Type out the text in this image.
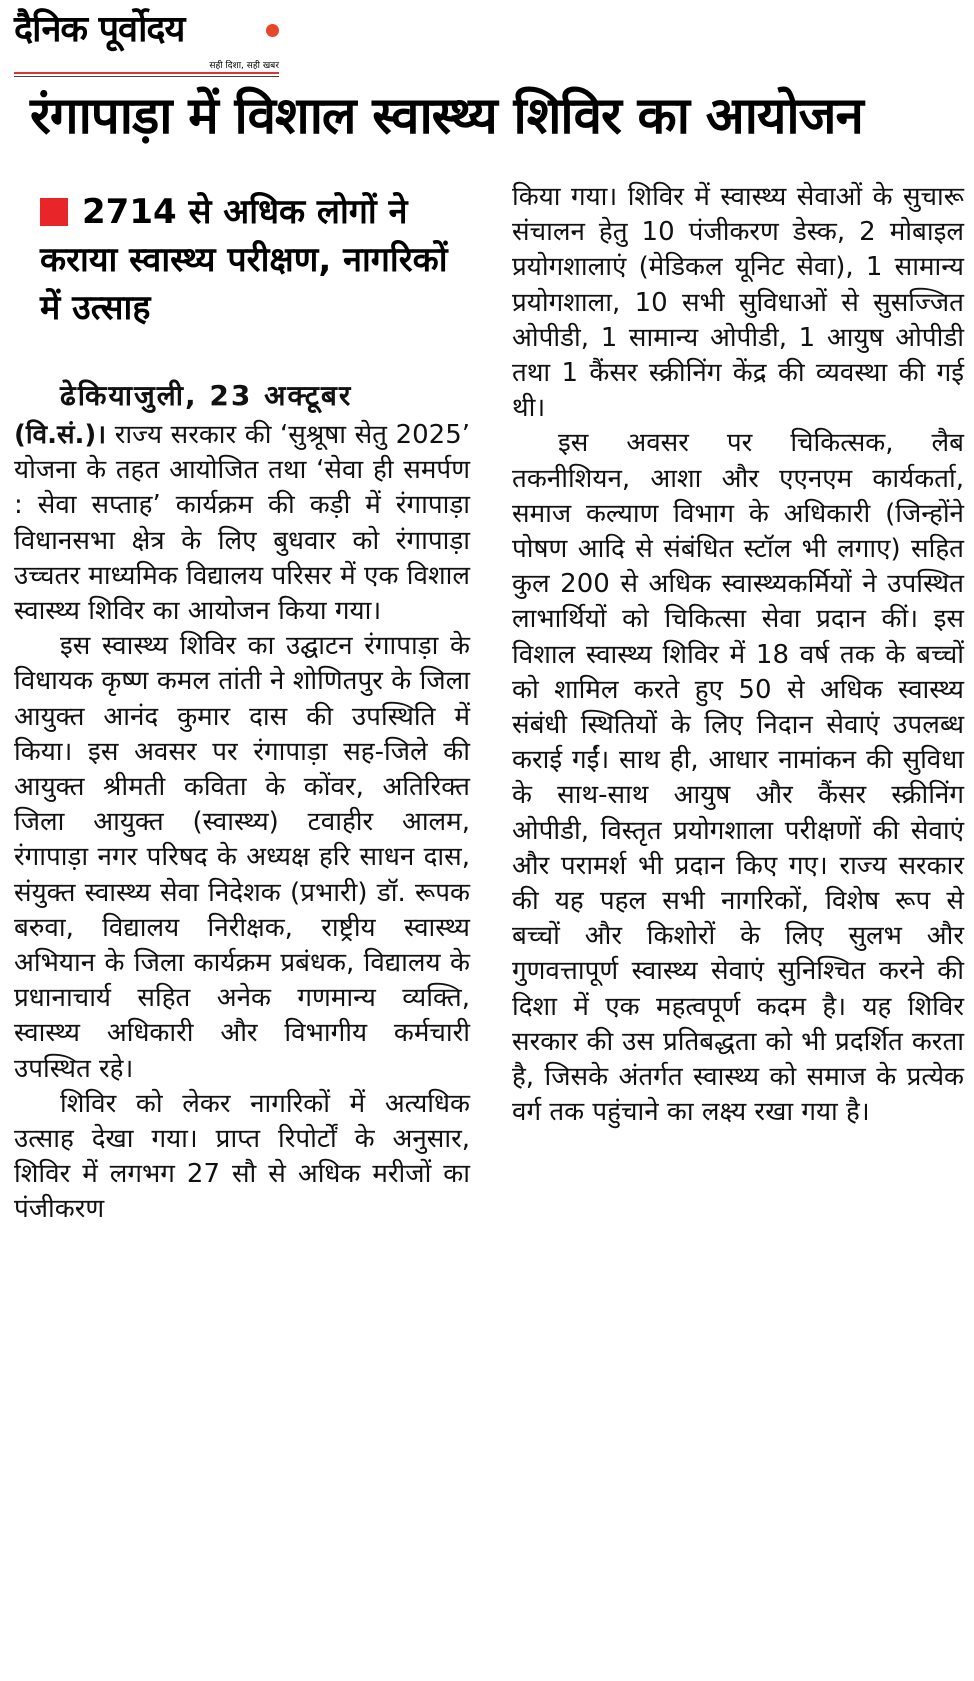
दैनिक पूर्वोदय
सही दिशा, सही खबर
रंगापाड़ा में विशाल स्वास्थ्य शिविर का आयोजन
2714 से अधिक लोगों ने कराया स्वास्थ्य परीक्षण, नागरिकों में उत्साह
ढेकियाजुली, 23 अक्टूबर

(वि.सं.)। राज्य सरकार की ‘सुश्रूषा सेतु 2025’ योजना के तहत आयोजित तथा ‘सेवा ही समर्पण : सेवा सप्ताह’ कार्यक्रम की कड़ी में रंगापाड़ा विधानसभा क्षेत्र के लिए बुधवार को रंगापाड़ा उच्चतर माध्यमिक विद्यालय परिसर में एक विशाल स्वास्थ्य शिविर का आयोजन किया गया।

इस स्वास्थ्य शिविर का उद्घाटन रंगापाड़ा के विधायक कृष्ण कमल तांती ने शोणितपुर के जिला आयुक्त आनंद कुमार दास की उपस्थिति में किया। इस अवसर पर रंगापाड़ा सह-जिले की आयुक्त श्रीमती कविता के कोंवर, अतिरिक्त जिला आयुक्त (स्वास्थ्य) टवाहीर आलम, रंगापाड़ा नगर परिषद के अध्यक्ष हरि साधन दास, संयुक्त स्वास्थ्य सेवा निदेशक (प्रभारी) डॉ. रूपक बरुवा, विद्यालय निरीक्षक, राष्ट्रीय स्वास्थ्य अभियान के जिला कार्यक्रम प्रबंधक, विद्यालय के प्रधानाचार्य सहित अनेक गणमान्य व्यक्ति, स्वास्थ्य अधिकारी और विभागीय कर्मचारी उपस्थित रहे।

शिविर को लेकर नागरिकों में अत्यधिक उत्साह देखा गया। प्राप्त रिपोर्टों के अनुसार, शिविर में लगभग 27 सौ से अधिक मरीजों का पंजीकरण

किया गया। शिविर में स्वास्थ्य सेवाओं के सुचारू संचालन हेतु 10 पंजीकरण डेस्क, 2 मोबाइल प्रयोगशालाएं (मेडिकल यूनिट सेवा), 1 सामान्य प्रयोगशाला, 10 सभी सुविधाओं से सुसज्जित ओपीडी, 1 सामान्य ओपीडी, 1 आयुष ओपीडी तथा 1 कैंसर स्क्रीनिंग केंद्र की व्यवस्था की गई थी।

इस अवसर पर चिकित्सक, लैब तकनीशियन, आशा और एएनएम कार्यकर्ता, समाज कल्याण विभाग के अधिकारी (जिन्होंने पोषण आदि से संबंधित स्टॉल भी लगाए) सहित कुल 200 से अधिक स्वास्थ्यकर्मियों ने उपस्थित लाभार्थियों को चिकित्सा सेवा प्रदान कीं। इस विशाल स्वास्थ्य शिविर में 18 वर्ष तक के बच्चों को शामिल करते हुए 50 से अधिक स्वास्थ्य संबंधी स्थितियों के लिए निदान सेवाएं उपलब्ध कराई गईं। साथ ही, आधार नामांकन की सुविधा के साथ-साथ आयुष और कैंसर स्क्रीनिंग ओपीडी, विस्तृत प्रयोगशाला परीक्षणों की सेवाएं और परामर्श भी प्रदान किए गए। राज्य सरकार की यह पहल सभी नागरिकों, विशेष रूप से बच्चों और किशोरों के लिए सुलभ और गुणवत्तापूर्ण स्वास्थ्य सेवाएं सुनिश्चित करने की दिशा में एक महत्वपूर्ण कदम है। यह शिविर सरकार की उस प्रतिबद्धता को भी प्रदर्शित करता है, जिसके अंतर्गत स्वास्थ्य को समाज के प्रत्येक वर्ग तक पहुंचाने का लक्ष्य रखा गया है।
